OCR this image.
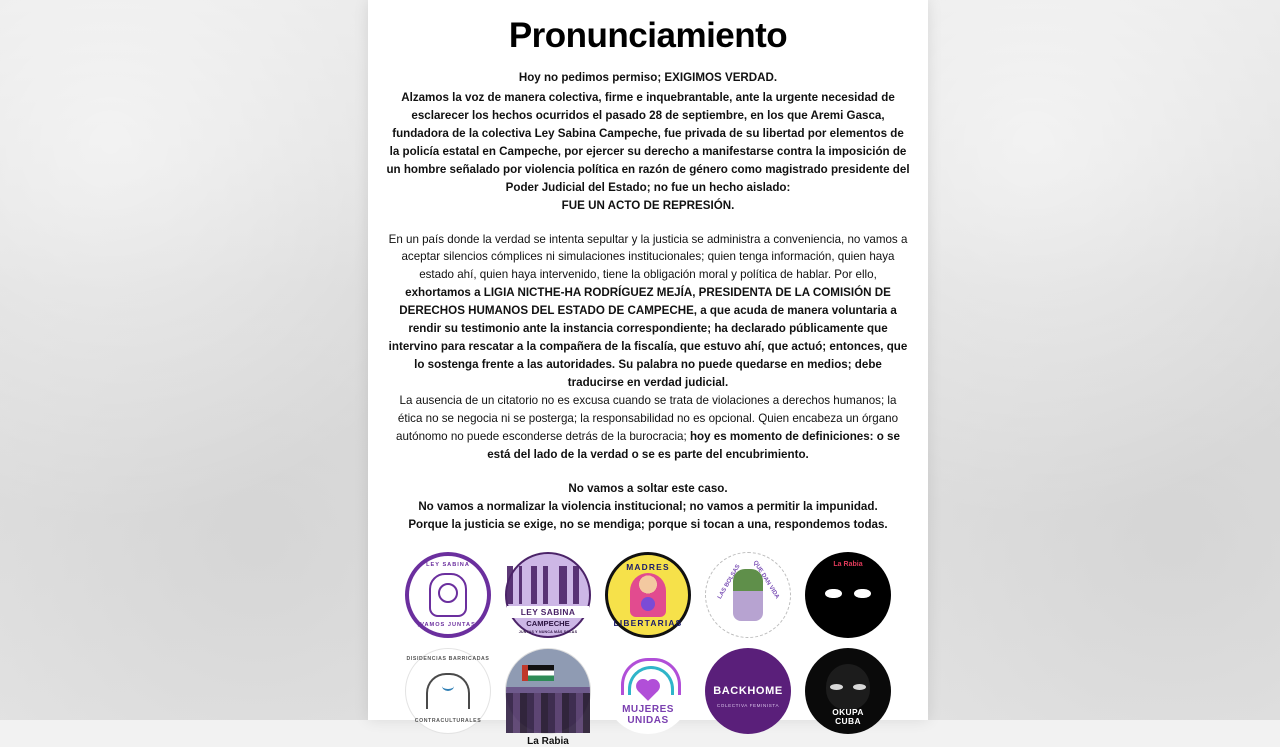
Pronunciamiento
Hoy no pedimos permiso; EXIGIMOS VERDAD.
Alzamos la voz de manera colectiva, firme e inquebrantable, ante la urgente necesidad de esclarecer los hechos ocurridos el pasado 28 de septiembre, en los que Aremi Gasca, fundadora de la colectiva Ley Sabina Campeche, fue privada de su libertad por elementos de la policía estatal en Campeche, por ejercer su derecho a manifestarse contra la imposición de un hombre señalado por violencia política en razón de género como magistrado presidente del Poder Judicial del Estado; no fue un hecho aislado:
FUE UN ACTO DE REPRESIÓN.
En un país donde la verdad se intenta sepultar y la justicia se administra a conveniencia, no vamos a aceptar silencios cómplices ni simulaciones institucionales; quien tenga información, quien haya estado ahí, quien haya intervenido, tiene la obligación moral y política de hablar. Por ello, exhortamos a LIGIA NICTHE-HA RODRÍGUEZ MEJÍA, PRESIDENTA DE LA COMISIÓN DE DERECHOS HUMANOS DEL ESTADO DE CAMPECHE, a que acuda de manera voluntaria a rendir su testimonio ante la instancia correspondiente; ha declarado públicamente que intervino para rescatar a la compañera de la fiscalía, que estuvo ahí, que actuó; entonces, que lo sostenga frente a las autoridades. Su palabra no puede quedarse en medios; debe traducirse en verdad judicial.
La ausencia de un citatorio no es excusa cuando se trata de violaciones a derechos humanos; la ética no se negocia ni se posterga; la responsabilidad no es opcional. Quien encabeza un órgano autónomo no puede esconderse detrás de la burocracia; hoy es momento de definiciones: o se está del lado de la verdad o se es parte del encubrimiento.
No vamos a soltar este caso.
No vamos a normalizar la violencia institucional; no vamos a permitir la impunidad.
Porque la justicia se exige, no se mendiga; porque si tocan a una, respondemos todas.
LEY SABINA
¡VAMOS JUNTAS!
LEY SABINA
CAMPECHE
JUNTAS Y NUNCA MÁS SOLAS
MADRES
LIBERTARIAS
LAS BOLSAS QUE DAN VIDA	La Rabia
DISIDENCIAS BARRICADAS
CONTRACULTURALES
La Rabia
MUJERES
UNIDAS
BACKHOME
COLECTIVA FEMINISTA
OKUPA
CUBA
